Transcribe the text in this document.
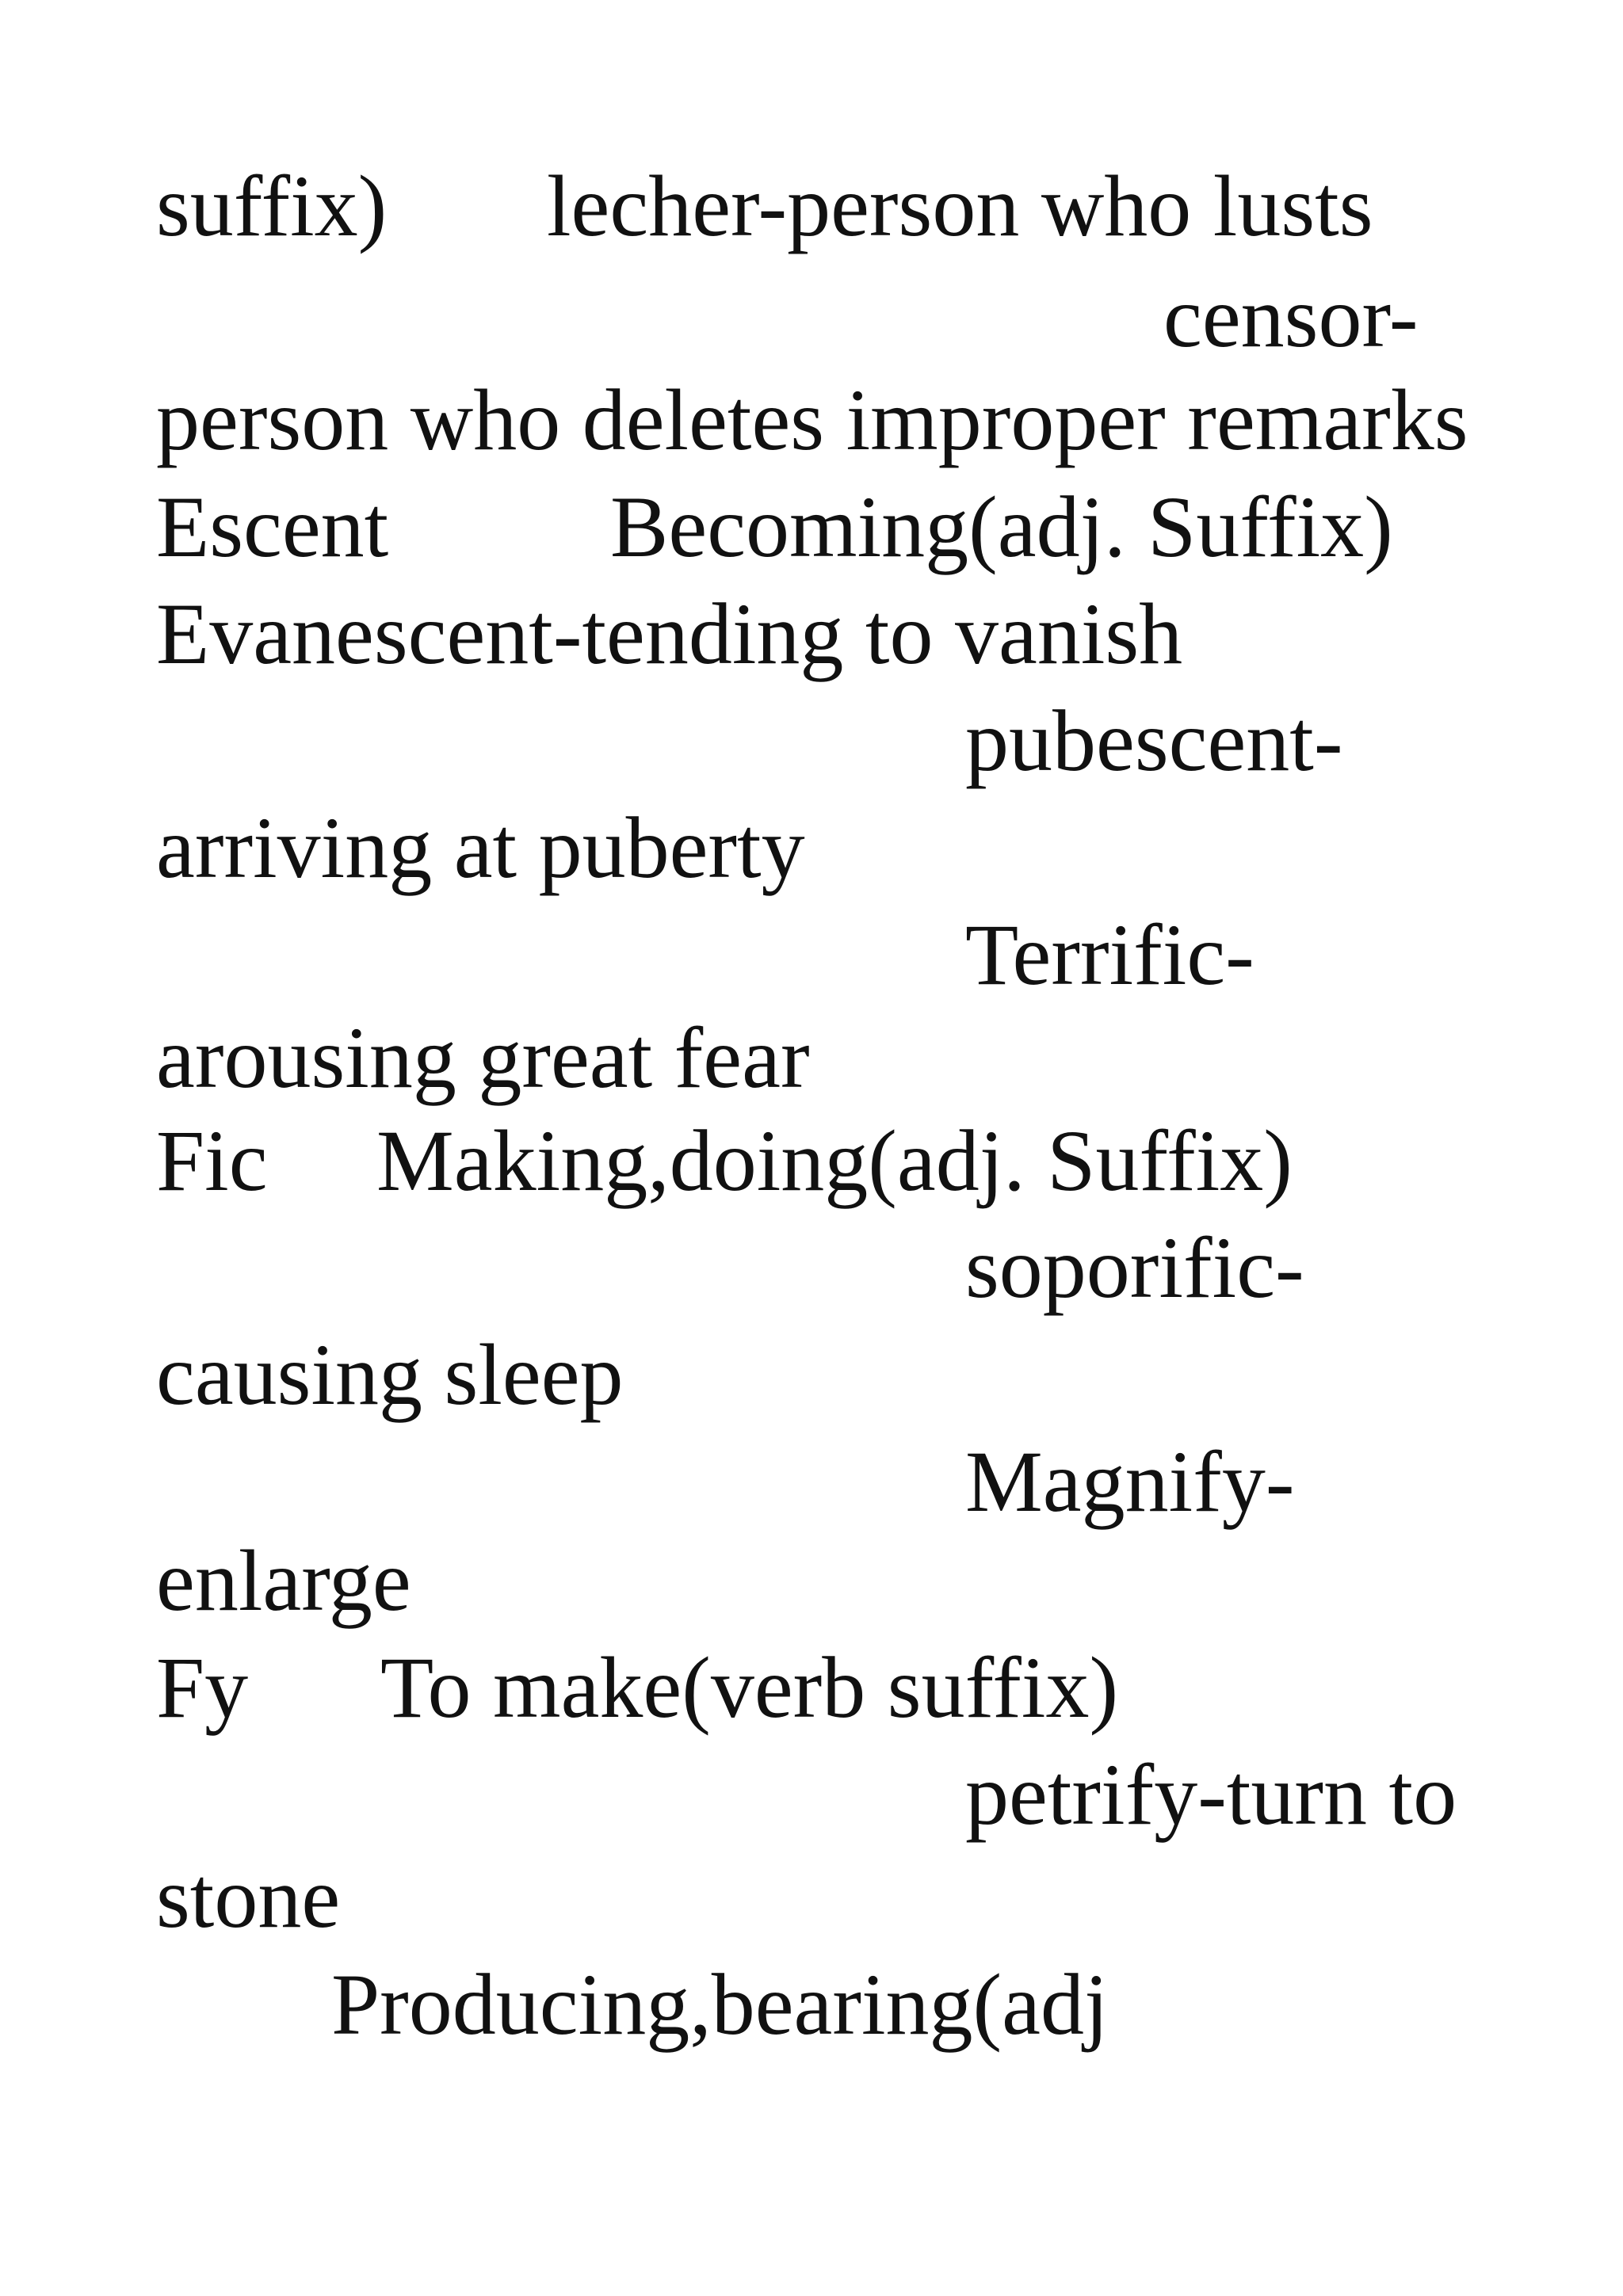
suffix)

lecher-person who lusts

censor-

person who deletes improper remarks

Escent

	Becoming(adj. Suffix)

Evanescent-tending to vanish

pubescent-

arriving at puberty

Terrific-

arousing great fear

Fic

Making,doing(adj. Suffix)

soporific-

causing sleep

Magnify-

enlarge

Fy

To make(verb suffix)

petrify-turn to

stone

Producing,bearing(adj
